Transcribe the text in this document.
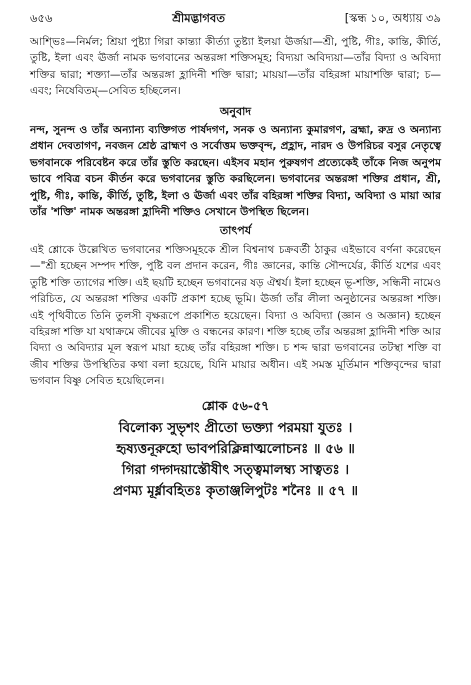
৬৫৬	শ্রীমদ্ভাগবত	[স্কন্ধ ১০, অধ্যায় ৩৯

আশ্ভিঃ—নির্মল; শ্রিয়া পুষ্ট্যা গিরা কান্ত্যা কীর্ত্যা তুষ্ট্যা ইলয়া ঊর্জয়া—শ্রী, পুষ্টি, গীঃ, কান্তি, কীর্তি, তুষ্টি, ইলা এবং ঊর্জা নামক ভগবানের অন্তরঙ্গা শক্তিসমূহ; বিদ্যয়া অবিদ্যয়া—তাঁর বিদ্যা ও অবিদ্যা শক্তির দ্বারা; শক্ত্যা—তাঁর অন্তরঙ্গা হ্লাদিনী শক্তি দ্বারা; মায়য়া—তাঁর বহিরঙ্গা মায়াশক্তি দ্বারা; চ—এবং; নিষেবিতম্—সেবিত হচ্ছিলেন।

অনুবাদ

নন্দ, সুনন্দ ও তাঁর অন্যান্য ব্যক্তিগত পার্ষদগণ, সনক ও অন্যান্য কুমারগণ, ব্রহ্মা, রুদ্র ও অন্যান্য প্রধান দেবতাগণ, নবজন শ্রেষ্ঠ ব্রাহ্মণ ও সর্বোত্তম ভক্তবৃন্দ, প্রহ্লাদ, নারদ ও উপরিচর বসুর নেতৃত্বে ভগবানকে পরিবেষ্টন করে তাঁর স্তুতি করছেন। এইসব মহান পুরুষগণ প্রত্যেকেই তাঁকে নিজ অনুপম ভাবে পবিত্র বচন কীর্তন করে ভগবানের স্তুতি করছিলেন। ভগবানের অন্তরঙ্গা শক্তির প্রধান, শ্রী, পুষ্টি, গীঃ, কান্তি, কীর্তি, তুষ্টি, ইলা ও ঊর্জা এবং তাঁর বহিরঙ্গা শক্তির বিদ্যা, অবিদ্যা ও মায়া আর তাঁর 'শক্তি' নামক অন্তরঙ্গা হ্লাদিনী শক্তিও সেখানে উপস্থিত ছিলেন।

তাৎপর্য

এই শ্লোকে উল্লেখিত ভগবানের শক্তিসমূহকে শ্রীল বিশ্বনাথ চক্রবর্তী ঠাকুর এইভাবে বর্ণনা করেছেন—"শ্রী হচ্ছেন সম্পদ শক্তি, পুষ্টি বল প্রদান করেন, গীঃ জ্ঞানের, কান্তি সৌন্দর্যের, কীর্তি যশের এবং তুষ্টি শক্তি ত্যাগের শক্তি। এই ছয়টি হচ্ছেন ভগবানের ষড় ঐশ্বর্য। ইলা হচ্ছেন ভূ-শক্তি, সন্ধিনী নামেও পরিচিত, যে অন্তরঙ্গা শক্তির একটি প্রকাশ হচ্ছে ভূমি। ঊর্জা তাঁর লীলা অনুষ্ঠানের অন্তরঙ্গা শক্তি। এই পৃথিবীতে তিনি তুলসী বৃক্ষরূপে প্রকাশিত হয়েছেন। বিদ্যা ও অবিদ্যা (জ্ঞান ও অজ্ঞান) হচ্ছেন বহিরঙ্গা শক্তি যা যথাক্রমে জীবের মুক্তি ও বন্ধনের কারণ। শক্তি হচ্ছে তাঁর অন্তরঙ্গা হ্লাদিনী শক্তি আর বিদ্যা ও অবিদ্যার মূল স্বরূপ মায়া হচ্ছে তাঁর বহিরঙ্গা শক্তি। চ শব্দ দ্বারা ভগবানের তটস্থা শক্তি বা জীব শক্তির উপস্থিতির কথা বলা হয়েছে, যিনি মায়ার অধীন। এই সমস্ত মূর্তিমান শক্তিবৃন্দের দ্বারা ভগবান বিষ্ণু সেবিত হয়েছিলেন।

শ্লোক ৫৬-৫৭
বিলোক্য সুভৃশং প্রীতো ভক্ত্যা পরময়া যুতঃ ।
হৃষ্যত্তনূরুহো ভাবপরিক্লিন্নাত্মলোচনঃ ॥ ৫৬ ॥
গিরা গদ্গদয়াস্তৌষীৎ সত্ত্বমালম্ব্য সাত্বতঃ ।
প্রণম্য মূর্ধ্নাবহিতঃ কৃতাঞ্জলিপুটঃ শনৈঃ ॥ ৫৭ ॥
